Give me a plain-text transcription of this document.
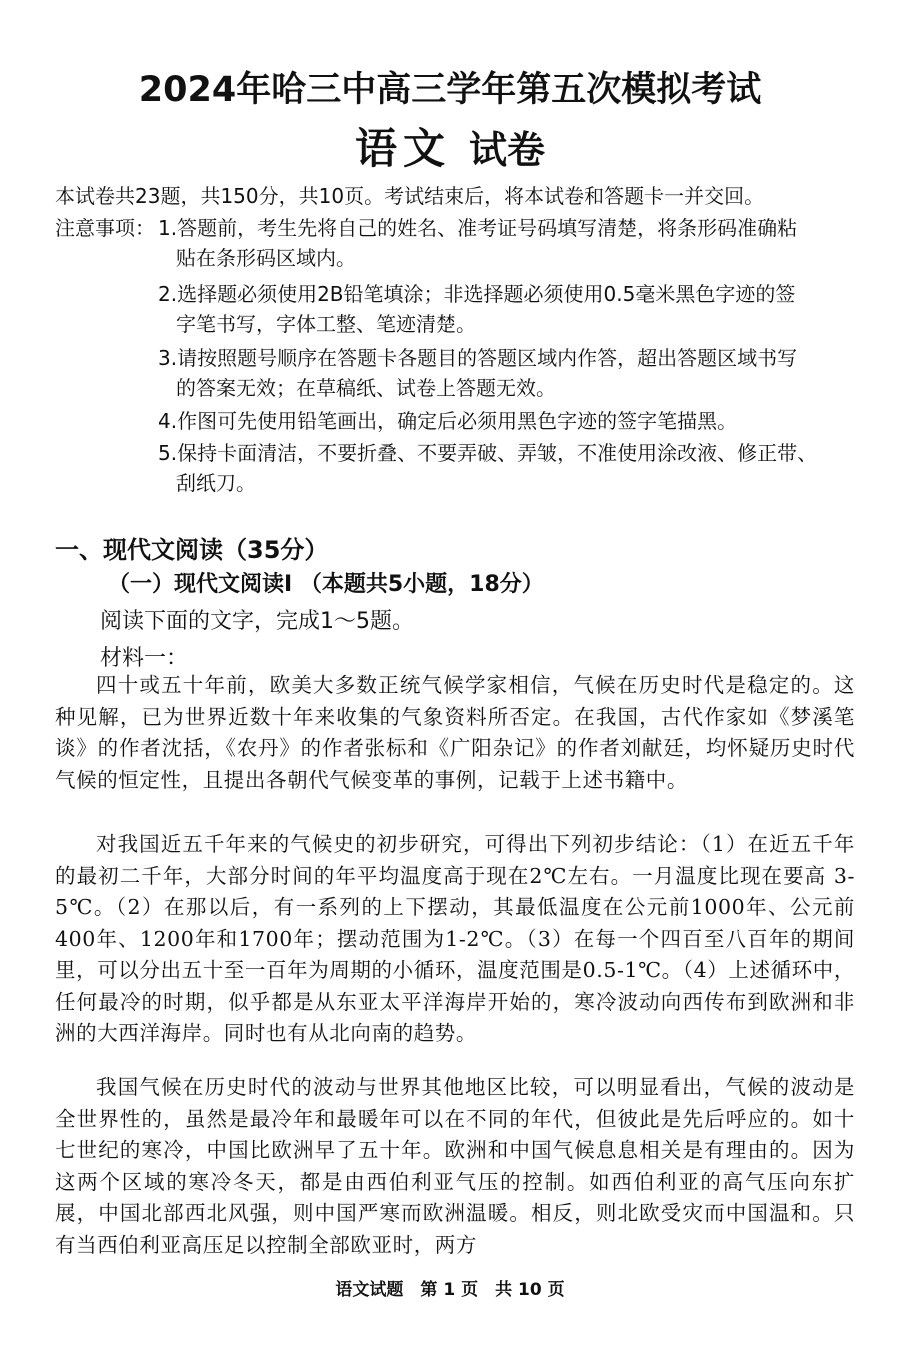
2024年哈三中高三学年第五次模拟考试
语文 试卷
本试卷共23题，共150分，共10页。考试结束后，将本试卷和答题卡一并交回。
注意事项： 1.答题前，考生先将自己的姓名、准考证号码填写清楚，将条形码准确粘
贴在条形码区域内。
2.选择题必须使用2B铅笔填涂；非选择题必须使用0.5毫米黑色字迹的签
字笔书写，字体工整、笔迹清楚。
3.请按照题号顺序在答题卡各题目的答题区域内作答，超出答题区域书写
的答案无效；在草稿纸、试卷上答题无效。
4.作图可先使用铅笔画出，确定后必须用黑色字迹的签字笔描黑。
5.保持卡面清洁，不要折叠、不要弄破、弄皱，不准使用涂改液、修正带、
刮纸刀。
一、现代文阅读（35分）
（一）现代文阅读Ⅰ （本题共5小题，18分）
阅读下面的文字，完成1～5题。
材料一：
四十或五十年前，欧美大多数正统气候学家相信，气候在历史时代是稳定的。这种见解，已为世界近数十年来收集的气象资料所否定。在我国，古代作家如《梦溪笔谈》的作者沈括，《农丹》的作者张标和《广阳杂记》的作者刘献廷，均怀疑历史时代气候的恒定性，且提出各朝代气候变革的事例，记载于上述书籍中。
对我国近五千年来的气候史的初步研究，可得出下列初步结论：（1）在近五千年的最初二千年，大部分时间的年平均温度高于现在2℃左右。一月温度比现在要高 3-5℃。（2）在那以后，有一系列的上下摆动，其最低温度在公元前1000年、公元前400年、1200年和1700年；摆动范围为1-2℃。（3）在每一个四百至八百年的期间里，可以分出五十至一百年为周期的小循环，温度范围是0.5-1℃。（4）上述循环中，任何最冷的时期，似乎都是从东亚太平洋海岸开始的，寒冷波动向西传布到欧洲和非洲的大西洋海岸。同时也有从北向南的趋势。
我国气候在历史时代的波动与世界其他地区比较，可以明显看出，气候的波动是全世界性的，虽然是最冷年和最暖年可以在不同的年代，但彼此是先后呼应的。如十七世纪的寒冷，中国比欧洲早了五十年。欧洲和中国气候息息相关是有理由的。因为这两个区域的寒冷冬天，都是由西伯利亚气压的控制。如西伯利亚的高气压向东扩展，中国北部西北风强，则中国严寒而欧洲温暖。相反，则北欧受灾而中国温和。只有当西伯利亚高压足以控制全部欧亚时，两方
语文试题　第 1 页　共 10 页
